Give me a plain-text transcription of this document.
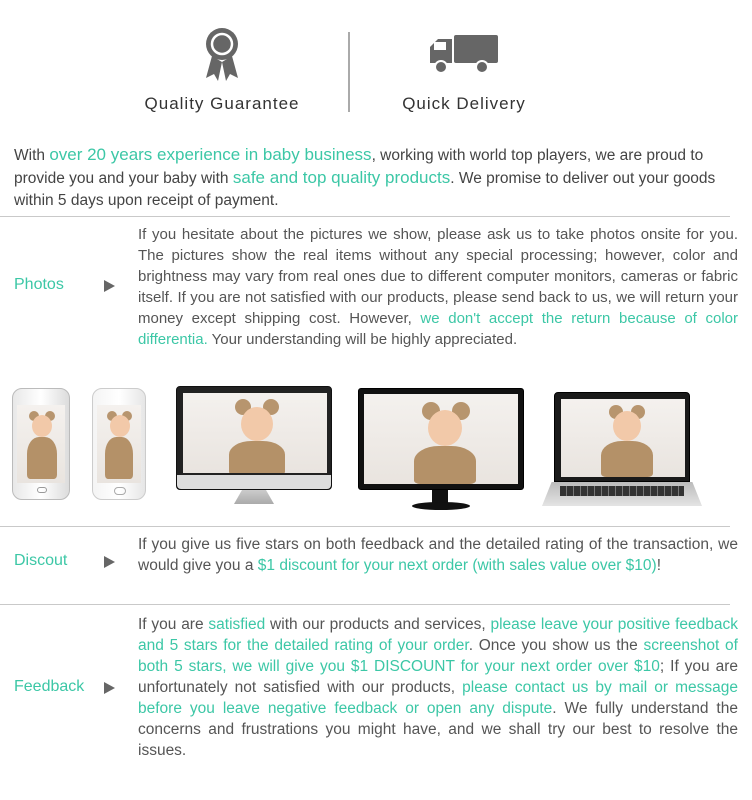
Quality Guarantee	Quick Delivery

With over 20 years experience in baby business, working with world top players, we are proud to provide you and your baby with safe and top quality products. We promise to deliver out your goods within 5 days upon receipt of payment.

Photos

If you hesitate about the pictures we show, please ask us to take photos onsite for you. The pictures show the real items without any special processing; however, color and brightness may vary from real ones due to different computer monitors, cameras or fabric itself. If you are not satisfied with our products, please send back to us, we will return your money except shipping cost. However, we don't accept the return because of color differentia. Your understanding will be highly appreciated.

Discout

If you give us five stars on both feedback and the detailed rating of the transaction, we would give you a $1 discount for your next order (with sales value over $10)!

Feedback

If you are satisfied with our products and services, please leave your positive feedback and 5 stars for the detailed rating of your order. Once you show us the screenshot of both 5 stars, we will give you $1 DISCOUNT for your next order over $10; If you are unfortunately not satisfied with our products, please contact us by mail or message before you leave negative feedback or open any dispute. We fully understand the concerns and frustrations you might have, and we shall try our best to resolve the issues.
